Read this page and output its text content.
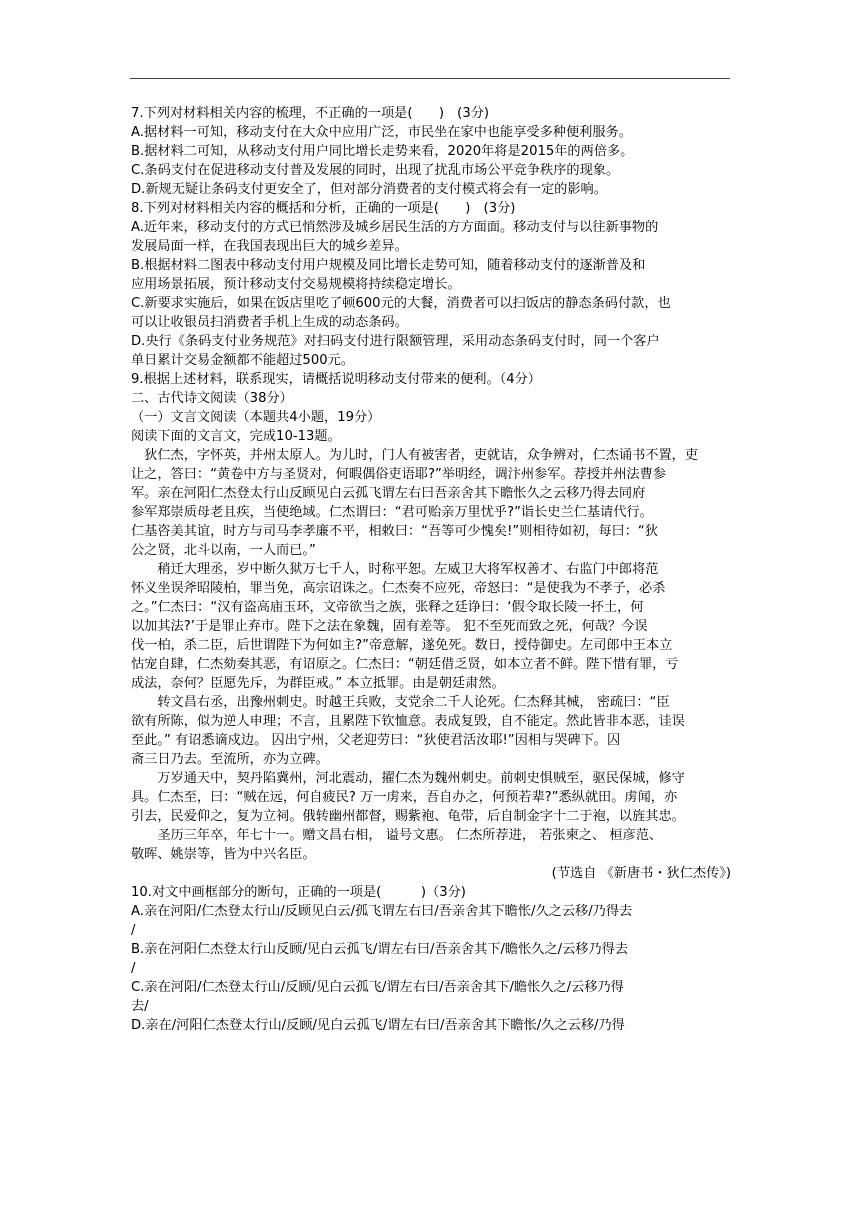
7.下列对材料相关内容的梳理，不正确的一项是(　　)　(3分)
A.据材料一可知，移动支付在大众中应用广泛，市民坐在家中也能享受多种便利服务。
B.据材料二可知，从移动支付用户同比增长走势来看，2020年将是2015年的两倍多。
C.条码支付在促进移动支付普及发展的同时，出现了扰乱市场公平竞争秩序的现象。
D.新规无疑让条码支付更安全了，但对部分消费者的支付模式将会有一定的影响。
8.下列对材料相关内容的概括和分析，正确的一项是(　　)　(3分)
A.近年来，移动支付的方式已悄然涉及城乡居民生活的方方面面。移动支付与以往新事物的
发展局面一样，在我国表现出巨大的城乡差异。
B.根据材料二图表中移动支付用户规模及同比增长走势可知，随着移动支付的逐渐普及和
应用场景拓展，预计移动支付交易规模将持续稳定增长。
C.新要求实施后，如果在饭店里吃了顿600元的大餐，消费者可以扫饭店的静态条码付款，也
可以让收银员扫消费者手机上生成的动态条码。
D.央行《条码支付业务规范》对扫码支付进行限额管理，采用动态条码支付时，同一个客户
单日累计交易金额都不能超过500元。
9.根据上述材料，联系现实，请概括说明移动支付带来的便利。（4分）
二、古代诗文阅读（38分）
（一）文言文阅读（本题共4小题，19分）
阅读下面的文言文，完成10-13题。
　狄仁杰，字怀英，并州太原人。为儿时，门人有被害者，吏就诘，众争辨对，仁杰诵书不置，吏
让之，答曰：“黄卷中方与圣贤对，何暇偶俗吏语耶?”举明经，调汴州参军。荐授并州法曹参
军。亲在河阳仁杰登太行山反顾见白云孤飞谓左右曰吾亲舍其下瞻怅久之云移乃得去同府
参军郑崇质母老且疾，当使绝域。仁杰谓曰：“君可贻亲万里忧乎?”诣长史兰仁基请代行。
仁基咨美其谊，时方与司马李孝廉不平，相敕曰：“吾等可少愧矣!”则相待如初，每曰：“狄
公之贤，北斗以南，一人而已。”
　　稍迁大理丞，岁中断久狱万七千人，时称平恕。左威卫大将军权善才、右监门中郎将范
怀义坐误斧昭陵柏，罪当免，高宗诏诛之。仁杰奏不应死，帝怒曰：“是使我为不孝子，必杀
之。”仁杰曰：“汉有盗高庙玉环，文帝欲当之族，张释之廷诤曰：‘假令取长陵一抔土，何
以加其法?’于是罪止弃市。陛下之法在象魏，固有差等。 犯不至死而致之死，何哉？今误
伐一柏，杀二臣，后世谓陛下为何如主?”帝意解，遂免死。数日，授侍御史。左司郎中王本立
怙宠自肆，仁杰劾奏其恶，有诏原之。仁杰曰：“朝廷借乏贤，如本立者不鲜。陛下惜有罪，亏
成法，奈何？臣愿先斥，为群臣戒。” 本立抵罪。由是朝廷肃然。
　　转文昌右丞，出豫州刺史。时越王兵败，支党余二千人论死。仁杰释其械， 密疏曰：“臣
欲有所陈，似为逆人申理；不言，且累陛下钦恤意。表成复毁，自不能定。然此皆非本恶，诖误
至此。” 有诏悉谪戍边。 囚出宁州，父老迎劳曰：“狄使君活汝耶!”因相与哭碑下。囚
斋三日乃去。至流所，亦为立碑。
　　万岁通天中，契丹陷冀州，河北震动，擢仁杰为魏州刺史。前刺史惧贼至，驱民保城，修守
具。仁杰至，曰：“贼在远，何自疲民? 万一虏来，吾自办之，何预若辈?”悉纵就田。虏闻，亦
引去，民爱仰之，复为立祠。俄转幽州都督，赐紫袍、龟带，后自制金字十二于袍，以旌其忠。
　　圣历三年卒，年七十一。赠文昌右相， 谥号文惠。 仁杰所荐进， 若张柬之、 桓彦范、
敬晖、姚崇等，皆为中兴名臣。
(节选自 《新唐书・狄仁杰传》)
10.对文中画框部分的断句，正确的一项是(　　　)（3分)
A.亲在河阳/仁杰登太行山/反顾见白云/孤飞谓左右曰/吾亲舍其下瞻怅/久之云移/乃得去
/
B.亲在河阳仁杰登太行山反顾/见白云孤飞/谓左右曰/吾亲舍其下/瞻怅久之/云移乃得去
/
C.亲在河阳/仁杰登太行山/反顾/见白云孤飞/谓左右曰/吾亲舍其下/瞻怅久之/云移乃得
去/
D.亲在/河阳仁杰登太行山/反顾/见白云孤飞/谓左右曰/吾亲舍其下瞻怅/久之云移/乃得
